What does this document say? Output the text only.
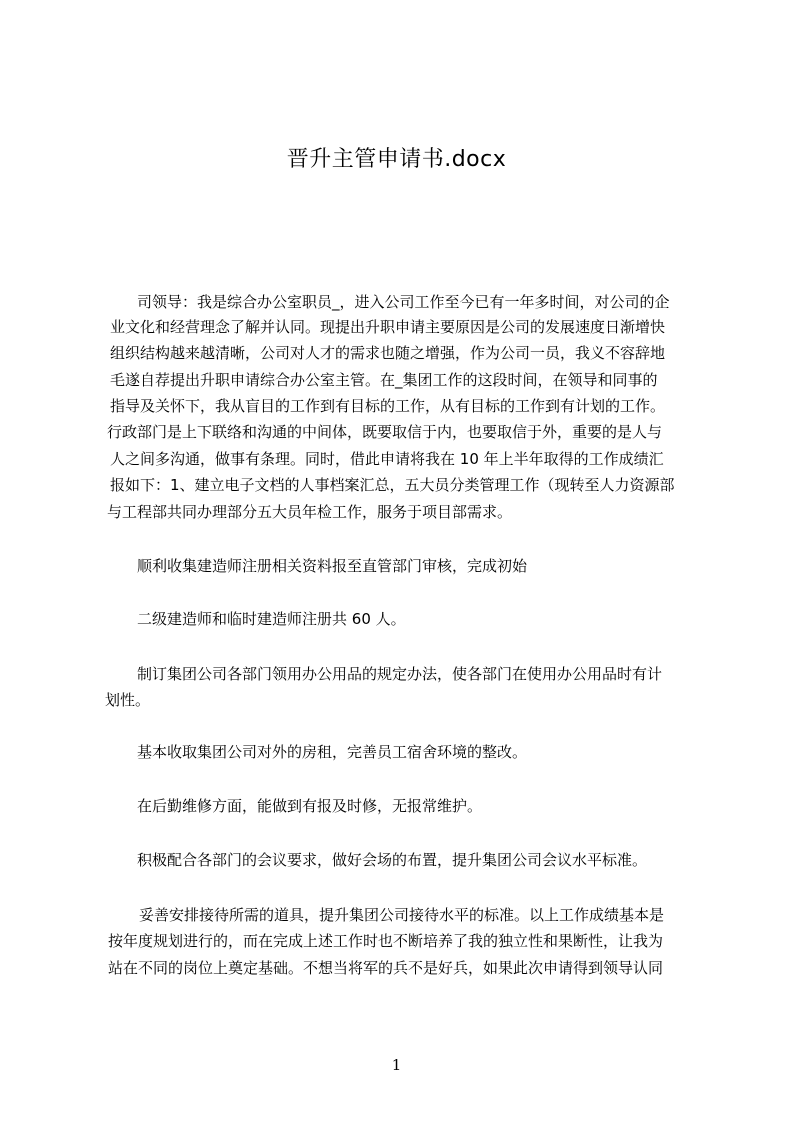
晋升主管申请书.docx
司领导：我是综合办公室职员_，进入公司工作至今已有一年多时间，对公司的企
业文化和经营理念了解并认同。现提出升职申请主要原因是公司的发展速度日渐增快
组织结构越来越清晰，公司对人才的需求也随之增强，作为公司一员，我义不容辞地
毛遂自荐提出升职申请综合办公室主管。在_集团工作的这段时间，在领导和同事的
指导及关怀下，我从盲目的工作到有目标的工作，从有目标的工作到有计划的工作。
行政部门是上下联络和沟通的中间体，既要取信于内，也要取信于外，重要的是人与
人之间多沟通，做事有条理。同时，借此申请将我在 10 年上半年取得的工作成绩汇
报如下：1、建立电子文档的人事档案汇总，五大员分类管理工作（现转至人力资源部
与工程部共同办理部分五大员年检工作，服务于项目部需求。
顺利收集建造师注册相关资料报至直管部门审核，完成初始
二级建造师和临时建造师注册共 60 人。
制订集团公司各部门领用办公用品的规定办法，使各部门在使用办公用品时有计
划性。
基本收取集团公司对外的房租，完善员工宿舍环境的整改。
在后勤维修方面，能做到有报及时修，无报常维护。
积极配合各部门的会议要求，做好会场的布置，提升集团公司会议水平标准。
妥善安排接待所需的道具，提升集团公司接待水平的标准。以上工作成绩基本是
按年度规划进行的，而在完成上述工作时也不断培养了我的独立性和果断性，让我为
站在不同的岗位上奠定基础。不想当将军的兵不是好兵，如果此次申请得到领导认同
1
